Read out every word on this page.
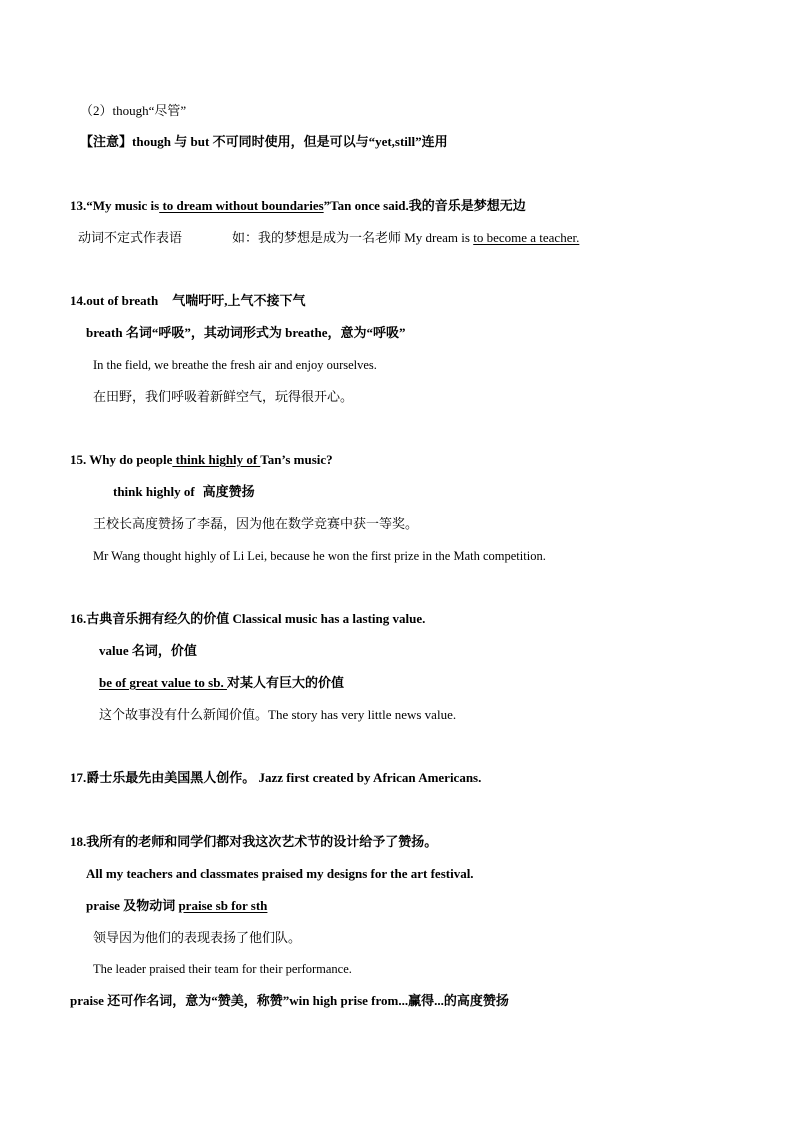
（2）though“尽管”
【注意】though 与 but 不可同时使用，但是可以与“yet,still”连用
13.“My music is to dream without boundaries”Tan once said.我的音乐是梦想无边
动词不定式作表语	如：我的梦想是成为一名老师 My dream is to become a teacher.
14.out of breath 气喘吁吁,上气不接下气
breath 名词“呼吸”，其动词形式为 breathe，意为“呼吸”
In the field, we breathe the fresh air and enjoy ourselves.
在田野，我们呼吸着新鲜空气，玩得很开心。
15. Why do people think highly of Tan’s music?
think highly of 高度赞扬
王校长高度赞扬了李磊，因为他在数学竞赛中获一等奖。
Mr Wang thought highly of Li Lei, because he won the first prize in the Math competition.
16.古典音乐拥有经久的价值 Classical music has a lasting value.
value 名词，价值
be of great value to sb. 对某人有巨大的价值
这个故事没有什么新闻价值。The story has very little news value.
17.爵士乐最先由美国黑人创作。 Jazz first created by African Americans.
18.我所有的老师和同学们都对我这次艺术节的设计给予了赞扬。
All my teachers and classmates praised my designs for the art festival.
praise 及物动词 praise sb for sth
领导因为他们的表现表扬了他们队。
The leader praised their team for their performance.
praise 还可作名词，意为“赞美，称赞”win high prise from...赢得...的高度赞扬
